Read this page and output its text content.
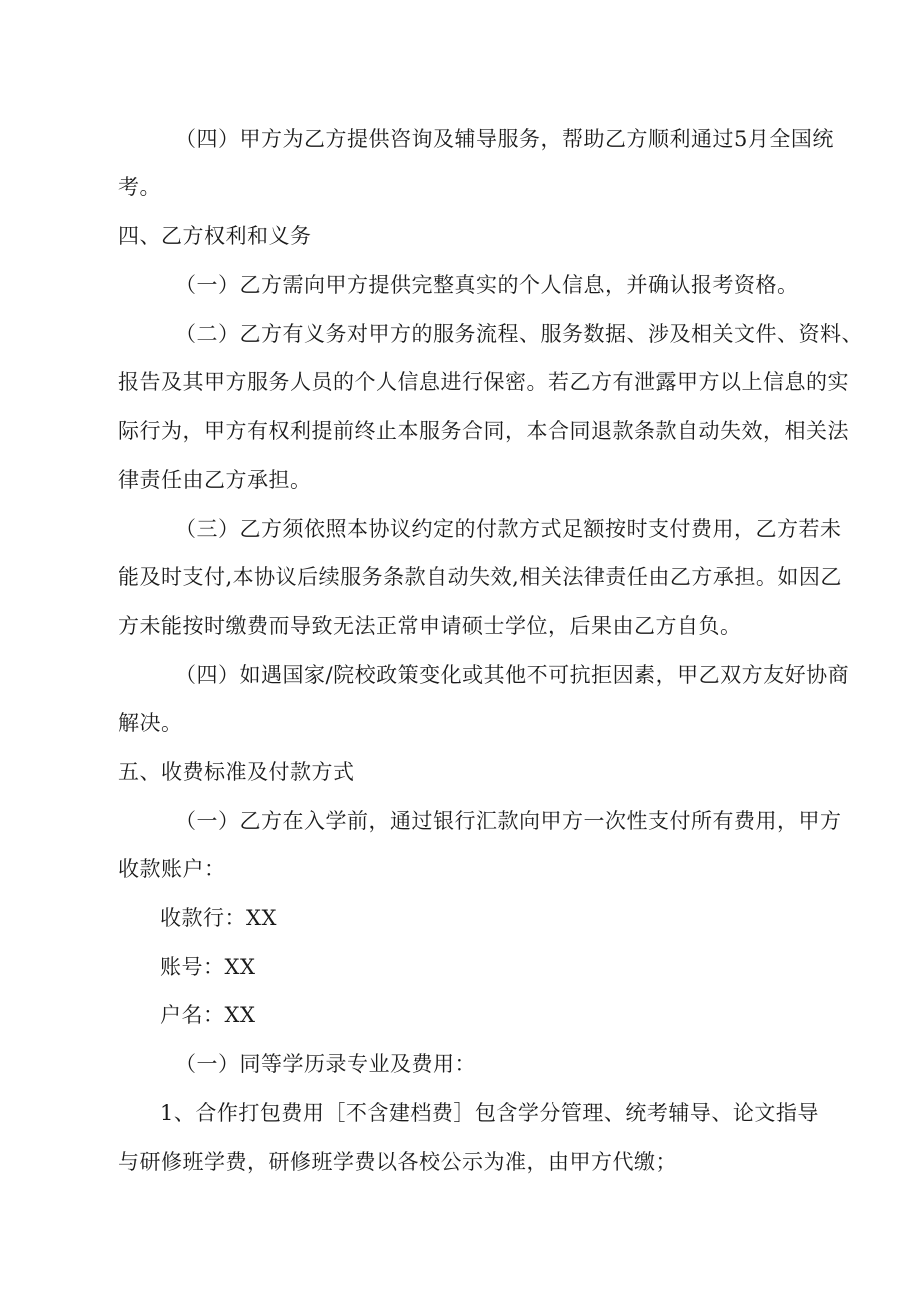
（四）甲方为乙方提供咨询及辅导服务，帮助乙方顺利通过5月全国统
考。
四、乙方权利和义务
（一）乙方需向甲方提供完整真实的个人信息，并确认报考资格。
（二）乙方有义务对甲方的服务流程、服务数据、涉及相关文件、资料、
报告及其甲方服务人员的个人信息进行保密。若乙方有泄露甲方以上信息的实
际行为，甲方有权利提前终止本服务合同，本合同退款条款自动失效，相关法
律责任由乙方承担。
（三）乙方须依照本协议约定的付款方式足额按时支付费用，乙方若未
能及时支付,本协议后续服务条款自动失效,相关法律责任由乙方承担。如因乙
方未能按时缴费而导致无法正常申请硕士学位，后果由乙方自负。
（四）如遇国家/院校政策变化或其他不可抗拒因素，甲乙双方友好协商
解决。
五、收费标准及付款方式
（一）乙方在入学前，通过银行汇款向甲方一次性支付所有费用，甲方
收款账户：
收款行：XX
账号：XX
户名：XX
（一）同等学历录专业及费用：
1、合作打包费用［不含建档费］包含学分管理、统考辅导、论文指导
与研修班学费，研修班学费以各校公示为准，由甲方代缴；
